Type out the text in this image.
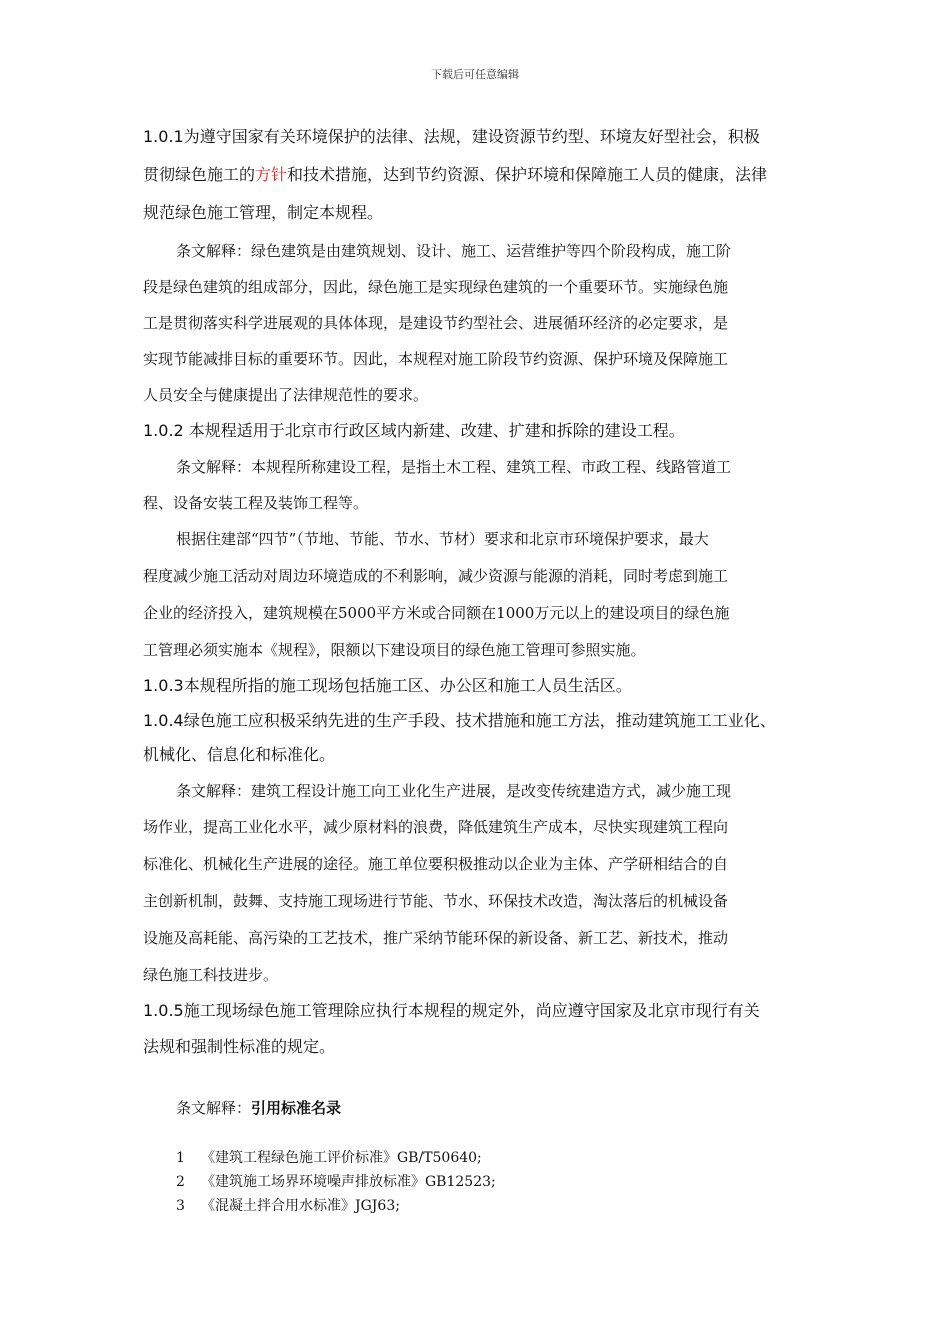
下载后可任意编辑
1.0.1为遵守国家有关环境保护的法律、法规，建设资源节约型、环境友好型社会，积极
贯彻绿色施工的方针和技术措施，达到节约资源、保护环境和保障施工人员的健康，法律
规范绿色施工管理，制定本规程。
条文解释：绿色建筑是由建筑规划、设计、施工、运营维护等四个阶段构成，施工阶
段是绿色建筑的组成部分，因此，绿色施工是实现绿色建筑的一个重要环节。实施绿色施
工是贯彻落实科学进展观的具体体现，是建设节约型社会、进展循环经济的必定要求，是
实现节能减排目标的重要环节。因此，本规程对施工阶段节约资源、保护环境及保障施工
人员安全与健康提出了法律规范性的要求。
1.0.2 本规程适用于北京市行政区域内新建、改建、扩建和拆除的建设工程。
条文解释：本规程所称建设工程，是指土木工程、建筑工程、市政工程、线路管道工
程、设备安装工程及装饰工程等。
根据住建部“四节”（节地、节能、节水、节材）要求和北京市环境保护要求，最大
程度减少施工活动对周边环境造成的不利影响，减少资源与能源的消耗，同时考虑到施工
企业的经济投入，建筑规模在5000平方米或合同额在1000万元以上的建设项目的绿色施
工管理必须实施本《规程》，限额以下建设项目的绿色施工管理可参照实施。
1.0.3本规程所指的施工现场包括施工区、办公区和施工人员生活区。
1.0.4绿色施工应积极采纳先进的生产手段、技术措施和施工方法，推动建筑施工工业化、
机械化、信息化和标准化。
条文解释：建筑工程设计施工向工业化生产进展，是改变传统建造方式，减少施工现
场作业，提高工业化水平，减少原材料的浪费，降低建筑生产成本，尽快实现建筑工程向
标准化、机械化生产进展的途径。施工单位要积极推动以企业为主体、产学研相结合的自
主创新机制，鼓舞、支持施工现场进行节能、节水、环保技术改造，淘汰落后的机械设备
设施及高耗能、高污染的工艺技术，推广采纳节能环保的新设备、新工艺、新技术，推动
绿色施工科技进步。
1.0.5施工现场绿色施工管理除应执行本规程的规定外，尚应遵守国家及北京市现行有关
法规和强制性标准的规定。
条文解释：引用标准名录
1 《建筑工程绿色施工评价标准》GB/T50640;
2 《建筑施工场界环境噪声排放标准》GB12523;
3 《混凝土拌合用水标准》JGJ63;
